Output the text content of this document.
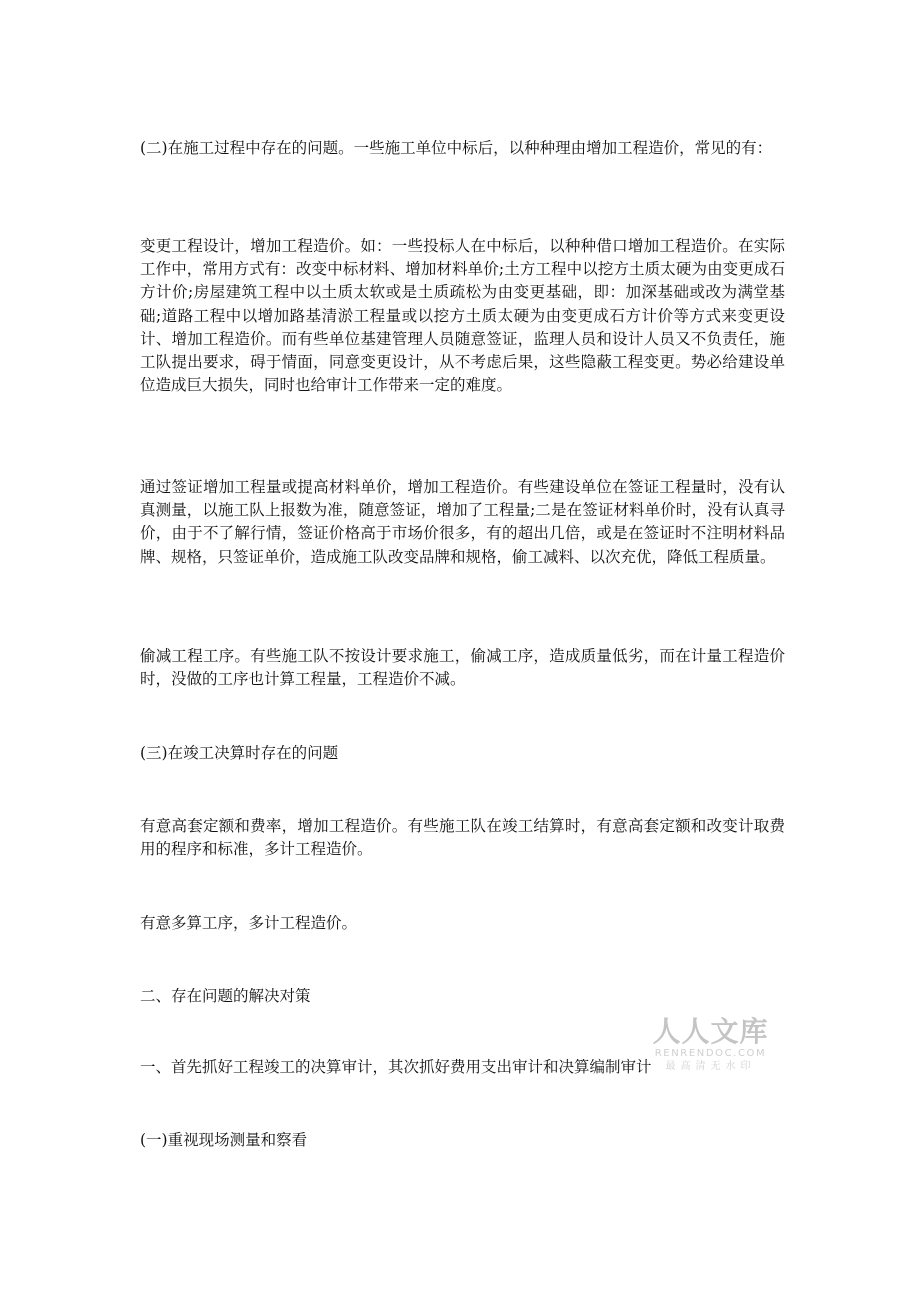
(二)在施工过程中存在的问题。一些施工单位中标后，以种种理由增加工程造价，常见的有：

变更工程设计，增加工程造价。如：一些投标人在中标后，以种种借口增加工程造价。在实际工作中，常用方式有：改变中标材料、增加材料单价;土方工程中以挖方土质太硬为由变更成石方计价;房屋建筑工程中以土质太软或是土质疏松为由变更基础，即：加深基础或改为满堂基础;道路工程中以增加路基清淤工程量或以挖方土质太硬为由变更成石方计价等方式来变更设计、增加工程造价。而有些单位基建管理人员随意签证，监理人员和设计人员又不负责任，施工队提出要求，碍于情面，同意变更设计，从不考虑后果，这些隐蔽工程变更。势必给建设单位造成巨大损失，同时也给审计工作带来一定的难度。

通过签证增加工程量或提高材料单价，增加工程造价。有些建设单位在签证工程量时，没有认真测量，以施工队上报数为准，随意签证，增加了工程量;二是在签证材料单价时，没有认真寻价，由于不了解行情，签证价格高于市场价很多，有的超出几倍，或是在签证时不注明材料品牌、规格，只签证单价，造成施工队改变品牌和规格，偷工减料、以次充优，降低工程质量。

偷减工程工序。有些施工队不按设计要求施工，偷减工序，造成质量低劣，而在计量工程造价时，没做的工序也计算工程量，工程造价不减。

(三)在竣工决算时存在的问题

有意高套定额和费率，增加工程造价。有些施工队在竣工结算时，有意高套定额和改变计取费用的程序和标准，多计工程造价。

有意多算工序，多计工程造价。

二、存在问题的解决对策

一、首先抓好工程竣工的决算审计，其次抓好费用支出审计和决算编制审计

(一)重视现场测量和察看

人人文库
RENRENDOC.COM
最高清无水印
